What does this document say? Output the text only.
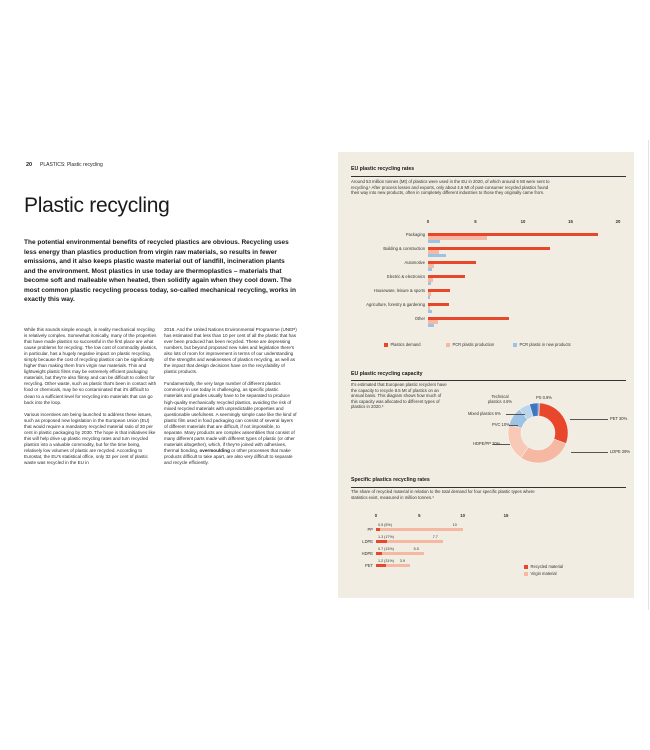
20 PLASTICS: Plastic recycling
Plastic recycling
The potential environmental benefits of recycled plastics are obvious. Recycling uses less energy than plastics production from virgin raw materials, so results in fewer emissions, and it also keeps plastic waste material out of landfill, incineration plants and the environment. Most plastics in use today are thermoplastics – materials that become soft and malleable when heated, then solidify again when they cool down. The most common plastic recycling process today, so-called mechanical recycling, works in exactly this way.

While this sounds simple enough, in reality mechanical recycling is relatively complex. Somewhat ironically, many of the properties that have made plastics so successful in the first place are what cause problems for recycling. The low cost of commodity plastics, in particular, has a hugely negative impact on plastic recycling, simply because the cost of recycling plastics can be significantly higher than making them from virgin raw materials. Thin and lightweight plastic films may be extremely efficient packaging materials, but they're also flimsy and can be difficult to collect for recycling. Other waste, such as plastic that's been in contact with food or chemicals, may be so contaminated that it's difficult to clean to a sufficient level for recycling into materials that can go back into the loop.

Various incentives are being launched to address these issues, such as proposed new legislation in the European Union (EU) that would require a mandatory recycled material ratio of 30 per cent in plastic packaging by 2030. The hope is that initiatives like this will help drive up plastic recycling rates and turn recycled plastics into a valuable commodity, but for the time being, relatively low volumes of plastic are recycled. According to Eurostat, the EU's statistical office, only 32 per cent of plastic waste was recycled in the EU in

2018. And the United Nations Environmental Programme (UNEP) has estimated that less than 10 per cent of all the plastic that has ever been produced has been recycled. These are depressing numbers, but beyond proposed new rules and legislation there's also lots of room for improvement in terms of our understanding of the strengths and weaknesses of plastics recycling, as well as the impact that design decisions have on the recyclability of plastic products.

Fundamentally, the very large number of different plastics commonly in use today is challenging, as specific plastic materials and grades usually have to be separated to produce high-quality mechanically recycled plastics, avoiding the risk of mixed recycled materials with unpredictable properties and questionable usefulness. A seemingly simple case like the kind of plastic film used in food packaging can consist of several layers of different materials that are difficult, if not impossible, to separate. Many products are complex assemblies that consist of many different parts made with different types of plastic (or other materials altogether), which, if they're joined with adhesives, thermal bonding, overmoulding or other processes that make products difficult to take apart, are also very difficult to separate and recycle efficiently.

EU plastic recycling rates
Around 53 million tonnes (Mt) of plastics were used in the EU in 2020, of which around 6 Mt were sent to recycling.¹ After process losses and exports, only about 4.6 Mt of post-consumer recycled plastics found their way into new products, often in completely different industries to those they originally came from.
0	5	10	15	20
Packaging
Building & construction
Automotive
Electric & electronics
Houseware, leisure & sports
Agriculture, forestry & gardening
Other
Plastics demand	PCR plastic production	PCR plastic in new products
EU plastic recycling capacity
It's estimated that European plastic recyclers have the capacity to recycle 8.5 Mt of plastics on an annual basis. This diagram shows how much of this capacity was allocated to different types of plastics in 2020.³
PS 0.9%
PET 30%
LDPE 29%
HDPE/PP 20%
PVC 10%
Mixed plastics 6%
Technical plastics 4.6%
Specific plastics recycling rates
The share of recycled material in relation to the total demand for four specific plastic types where statistics exist, measured in million tonnes.³
0	5	10	15
PP
0.5 (5%)	10
LDPE
1.3 (17%)	7.7
HDPE
0.7 (13%)	5.5
PET
1.2 (31%) 3.9
Recycled material
Virgin material
